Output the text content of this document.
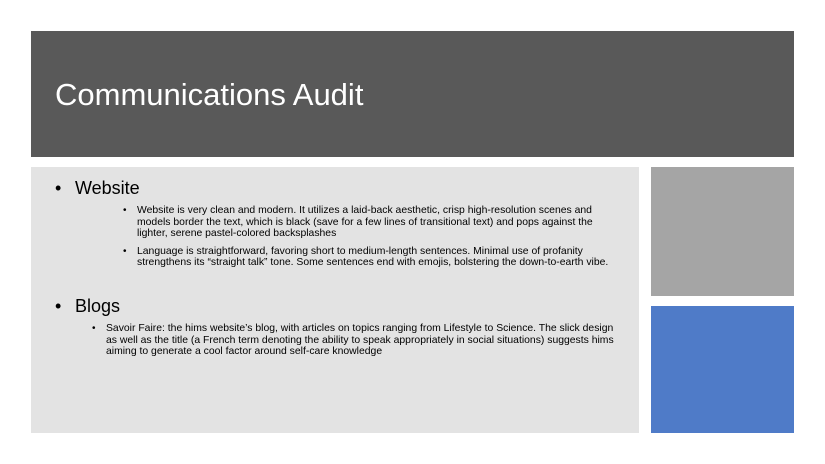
Communications Audit
• Website
• Website is very clean and modern. It utilizes a laid-back aesthetic, crisp high-resolution scenes and models border the text, which is black (save for a few lines of transitional text) and pops against the lighter, serene pastel-colored backsplashes
• Language is straightforward, favoring short to medium-length sentences. Minimal use of profanity strengthens its “straight talk” tone. Some sentences end with emojis, bolstering the down-to-earth vibe.
• Blogs
• Savoir Faire: the hims website’s blog, with articles on topics ranging from Lifestyle to Science. The slick design as well as the title (a French term denoting the ability to speak appropriately in social situations) suggests hims aiming to generate a cool factor around self-care knowledge
